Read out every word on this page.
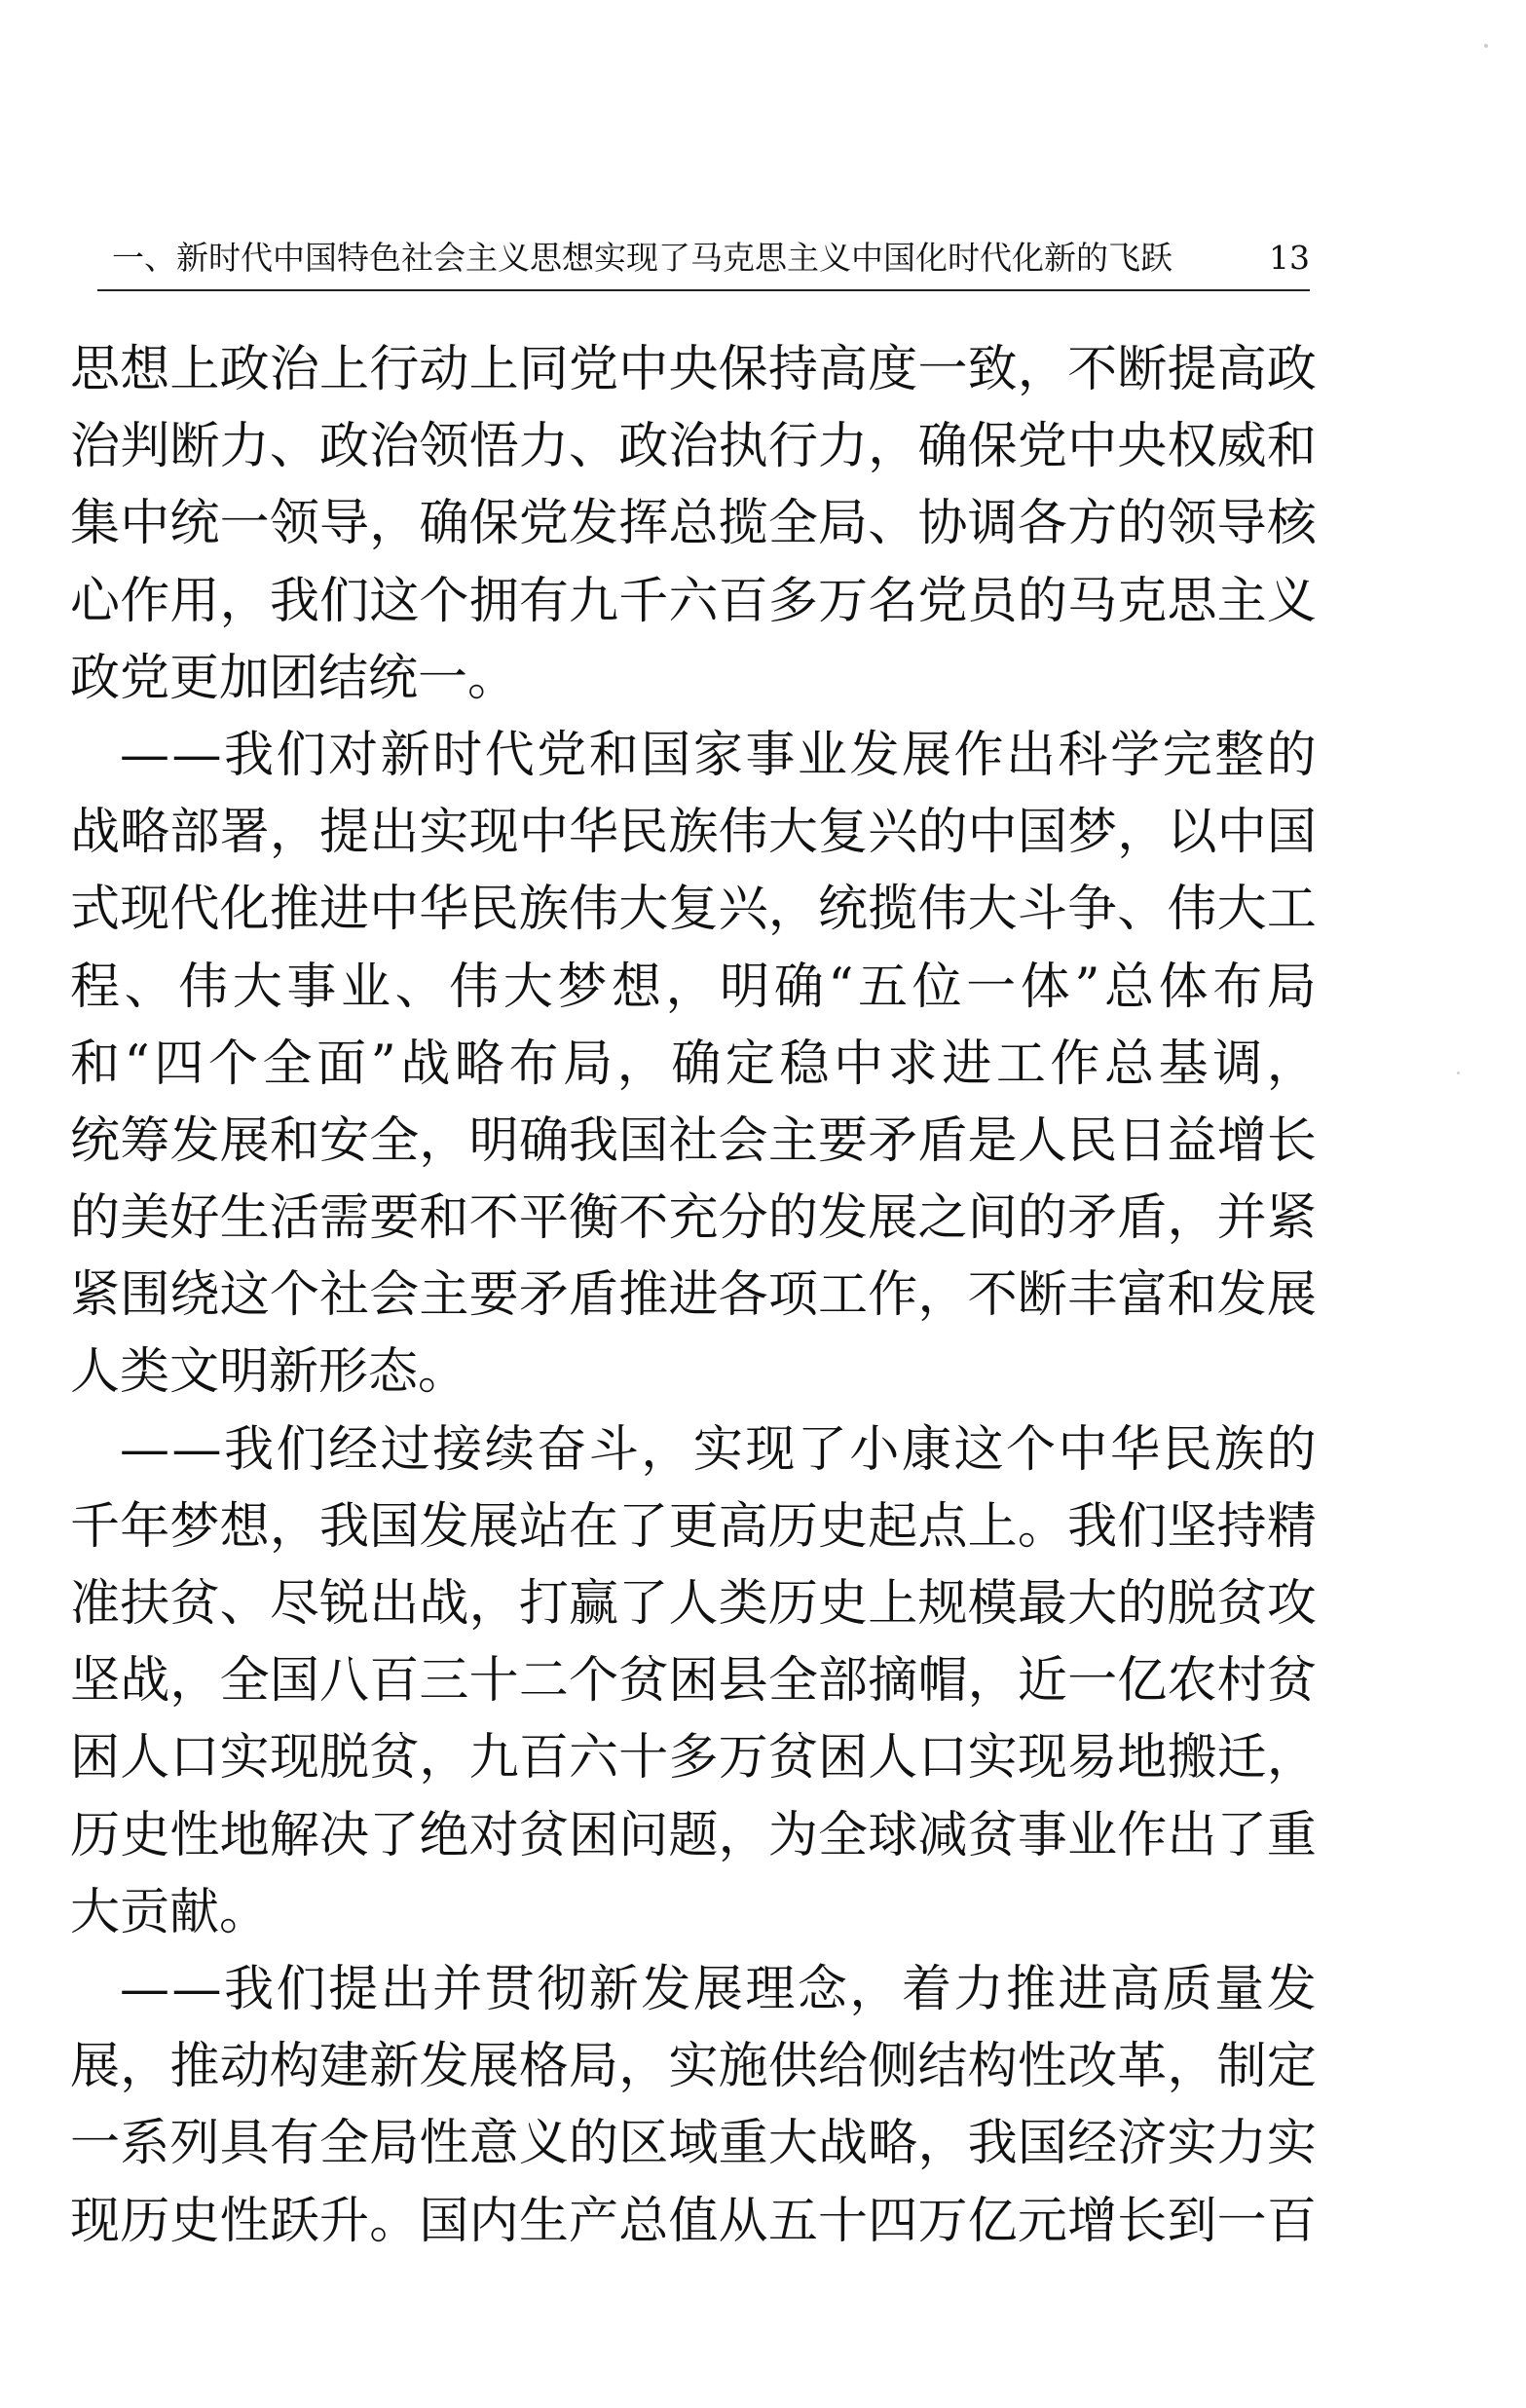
一、新时代中国特色社会主义思想实现了马克思主义中国化时代化新的飞跃	13
思 想 上 政 治 上 行 动 上 同 党 中 央 保 持 高 度 一 致 ， 不 断 提 高 政
治 判 断 力 、 政 治 领 悟 力 、 政 治 执 行 力 ， 确 保 党 中 央 权 威 和
集 中 统 一 领 导 ， 确 保 党 发 挥 总 揽 全 局 、 协 调 各 方 的 领 导 核
心 作 用 ， 我 们 这 个 拥 有 九 千 六 百 多 万 名 党 员 的 马 克 思 主 义
政党更加团结统一。
— — 我 们 对 新 时 代 党 和 国 家 事 业 发 展 作 出 科 学 完 整 的
战 略 部 署 ， 提 出 实 现 中 华 民 族 伟 大 复 兴 的 中 国 梦 ， 以 中 国
式 现 代 化 推 进 中 华 民 族 伟 大 复 兴 ， 统 揽 伟 大 斗 争 、 伟 大 工
程 、 伟 大 事 业 、 伟 大 梦 想 ， 明 确 “ 五 位 一 体 ” 总 体 布 局
和 “ 四 个 全 面 ” 战 略 布 局 ， 确 定 稳 中 求 进 工 作 总 基 调 ，
统 筹 发 展 和 安 全 ， 明 确 我 国 社 会 主 要 矛 盾 是 人 民 日 益 增 长
的 美 好 生 活 需 要 和 不 平 衡 不 充 分 的 发 展 之 间 的 矛 盾 ， 并 紧
紧 围 绕 这 个 社 会 主 要 矛 盾 推 进 各 项 工 作 ， 不 断 丰 富 和 发 展
人类文明新形态。
— — 我 们 经 过 接 续 奋 斗 ， 实 现 了 小 康 这 个 中 华 民 族 的
千 年 梦 想 ， 我 国 发 展 站 在 了 更 高 历 史 起 点 上 。 我 们 坚 持 精
准 扶 贫 、 尽 锐 出 战 ， 打 赢 了 人 类 历 史 上 规 模 最 大 的 脱 贫 攻
坚 战 ， 全 国 八 百 三 十 二 个 贫 困 县 全 部 摘 帽 ， 近 一 亿 农 村 贫
困 人 口 实 现 脱 贫 ， 九 百 六 十 多 万 贫 困 人 口 实 现 易 地 搬 迁 ，
历 史 性 地 解 决 了 绝 对 贫 困 问 题 ， 为 全 球 减 贫 事 业 作 出 了 重
大贡献。
— — 我 们 提 出 并 贯 彻 新 发 展 理 念 ， 着 力 推 进 高 质 量 发
展 ， 推 动 构 建 新 发 展 格 局 ， 实 施 供 给 侧 结 构 性 改 革 ， 制 定
一 系 列 具 有 全 局 性 意 义 的 区 域 重 大 战 略 ， 我 国 经 济 实 力 实
现 历 史 性 跃 升 。 国 内 生 产 总 值 从 五 十 四 万 亿 元 增 长 到 一 百
